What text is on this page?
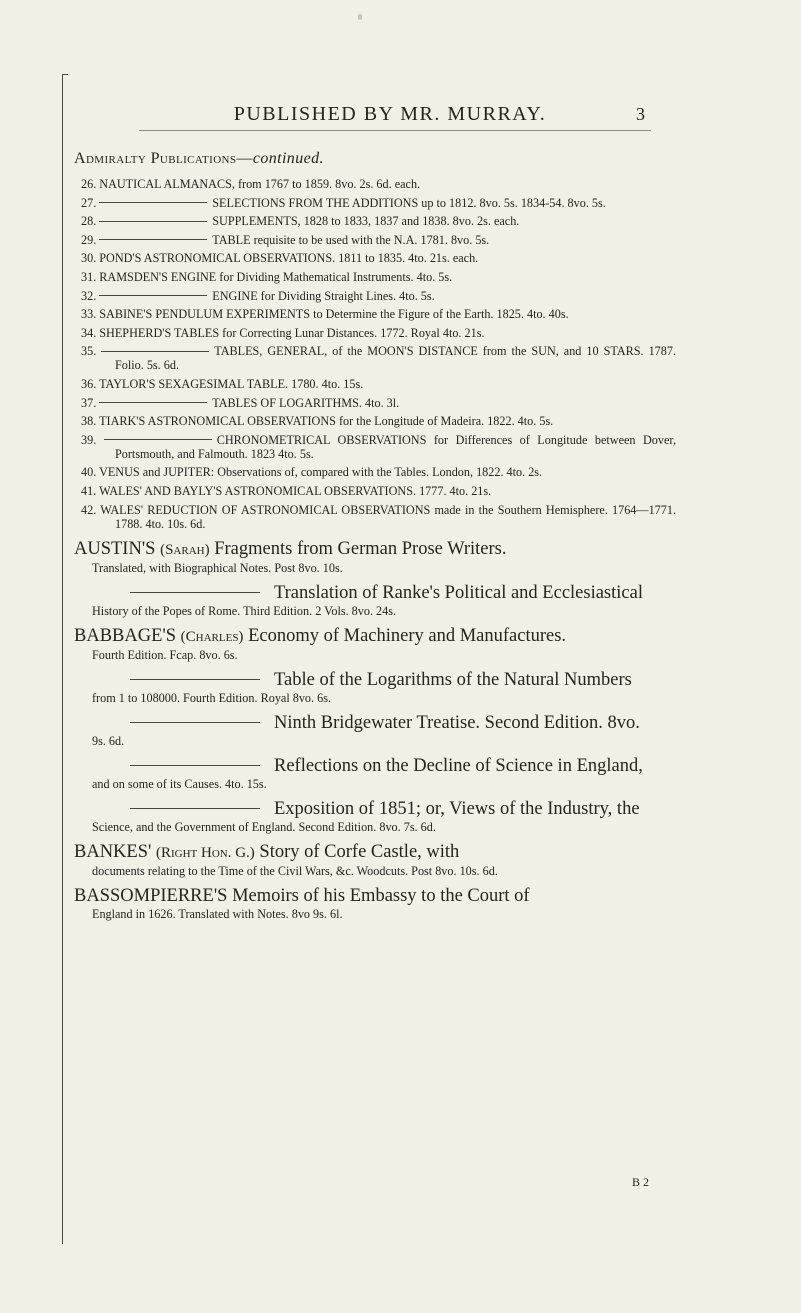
PUBLISHED BY MR. MURRAY.	3
Admiralty Publications—continued.
26. NAUTICAL ALMANACS, from 1767 to 1859. 8vo. 2s. 6d. each.
27.	SELECTIONS FROM THE ADDITIONS up to 1812. 8vo. 5s. 1834-54. 8vo. 5s.
28.	SUPPLEMENTS, 1828 to 1833, 1837 and 1838. 8vo. 2s. each.
29.	TABLE requisite to be used with the N.A. 1781. 8vo. 5s.
30. POND'S ASTRONOMICAL OBSERVATIONS. 1811 to 1835. 4to. 21s. each.
31. RAMSDEN'S ENGINE for Dividing Mathematical Instruments. 4to. 5s.
32.	ENGINE for Dividing Straight Lines. 4to. 5s.
33. SABINE'S PENDULUM EXPERIMENTS to Determine the Figure of the Earth. 1825. 4to. 40s.
34. SHEPHERD'S TABLES for Correcting Lunar Distances. 1772. Royal 4to. 21s.
35.	TABLES, GENERAL, of the MOON'S DISTANCE from the SUN, and 10 STARS. 1787. Folio. 5s. 6d.
36. TAYLOR'S SEXAGESIMAL TABLE. 1780. 4to. 15s.
37.	TABLES OF LOGARITHMS. 4to. 3l.
38. TIARK'S ASTRONOMICAL OBSERVATIONS for the Longitude of Madeira. 1822. 4to. 5s.
39.	CHRONOMETRICAL OBSERVATIONS for Differences of Longitude between Dover, Portsmouth, and Falmouth. 1823 4to. 5s.
40. VENUS and JUPITER: Observations of, compared with the Tables. London, 1822. 4to. 2s.
41. WALES' AND BAYLY'S ASTRONOMICAL OBSERVATIONS. 1777. 4to. 21s.
42. WALES' REDUCTION OF ASTRONOMICAL OBSERVATIONS made in the Southern Hemisphere. 1764—1771. 1788. 4to. 10s. 6d.
AUSTIN'S (Sarah) Fragments from German Prose Writers.
Translated, with Biographical Notes. Post 8vo. 10s.
Translation of Ranke's Political and Ecclesiastical
History of the Popes of Rome. Third Edition. 2 Vols. 8vo. 24s.
BABBAGE'S (Charles) Economy of Machinery and Manufactures.
Fourth Edition. Fcap. 8vo. 6s.
Table of the Logarithms of the Natural Numbers
from 1 to 108000. Fourth Edition. Royal 8vo. 6s.
Ninth Bridgewater Treatise. Second Edition. 8vo.
9s. 6d.
Reflections on the Decline of Science in England,
and on some of its Causes. 4to. 15s.
Exposition of 1851; or, Views of the Industry, the
Science, and the Government of England. Second Edition. 8vo. 7s. 6d.
BANKES' (Right Hon. G.) Story of Corfe Castle, with
documents relating to the Time of the Civil Wars, &c. Woodcuts. Post 8vo. 10s. 6d.
BASSOMPIERRE'S Memoirs of his Embassy to the Court of
England in 1626. Translated with Notes. 8vo 9s. 6l.
B 2
